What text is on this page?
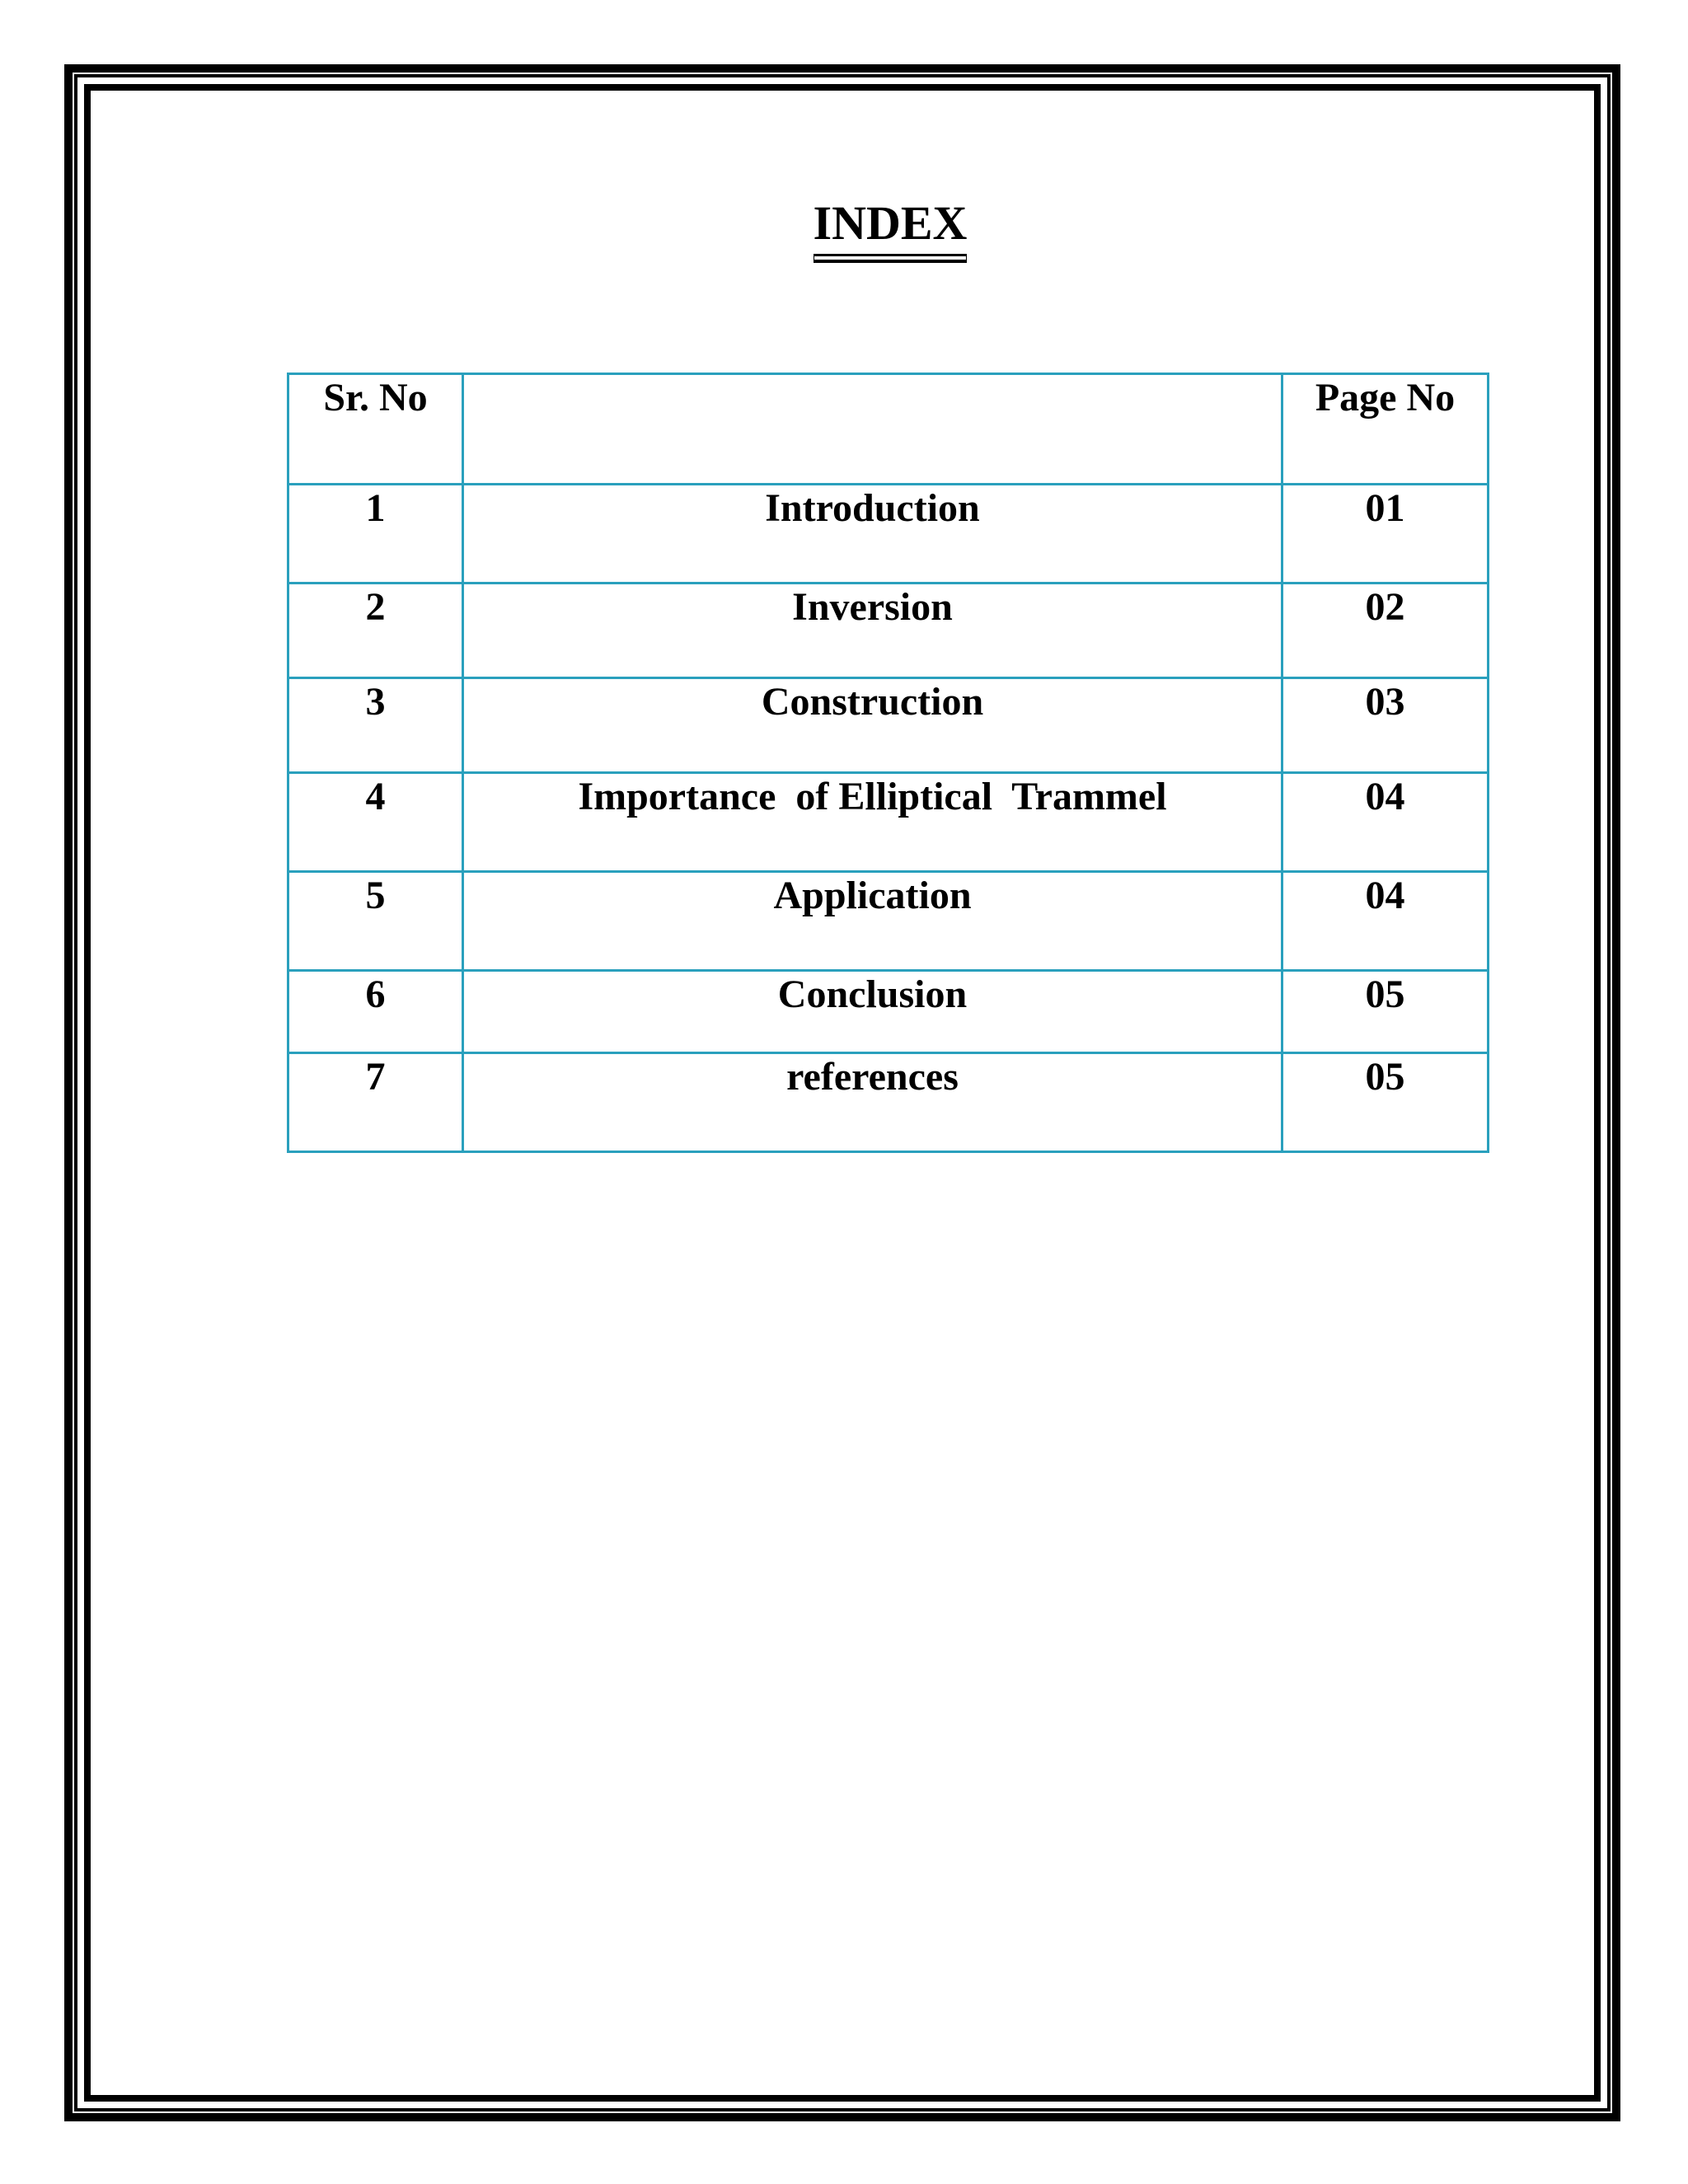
INDEX
Sr. No		Page No
1	Introduction	01
2	Inversion	02
3	Construction	03
4	Importance  of Elliptical  Trammel	04
5	Application	04
6	Conclusion	05
7	references	05
